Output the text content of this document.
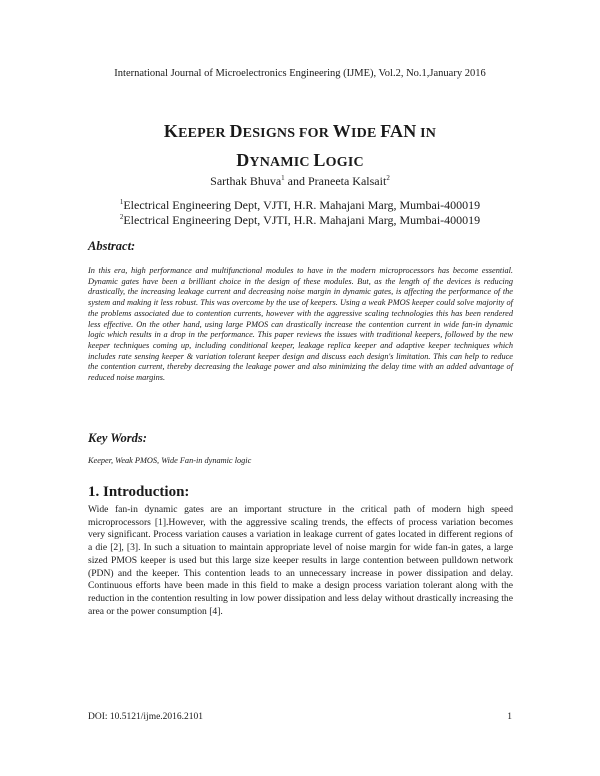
International Journal of Microelectronics Engineering (IJME), Vol.2, No.1,January 2016
KEEPER DESIGNS FOR WIDE FAN IN
DYNAMIC LOGIC
Sarthak Bhuva$^1$ and Praneeta Kalsait$^2$
$^1$Electrical Engineering Dept, VJTI, H.R. Mahajani Marg, Mumbai-400019
$^2$Electrical Engineering Dept, VJTI, H.R. Mahajani Marg, Mumbai-400019
Abstract:

In this era, high performance and multifunctional modules to have in the modern microprocessors has become essential. Dynamic gates have been a brilliant choice in the design of these modules. But, as the length of the devices is reducing drastically, the increasing leakage current and decreasing noise margin in dynamic gates, is affecting the performance of the system and making it less robust. This was overcome by the use of keepers. Using a weak PMOS keeper could solve majority of the problems associated due to contention currents, however with the aggressive scaling technologies this has been rendered less effective. On the other hand, using large PMOS can drastically increase the contention current in wide fan-in dynamic logic which results in a drop in the performance. This paper reviews the issues with traditional keepers, followed by the new keeper techniques coming up, including conditional keeper, leakage replica keeper and adaptive keeper techniques which includes rate sensing keeper & variation tolerant keeper design and discuss each design's limitation. This can help to reduce the contention current, thereby decreasing the leakage power and also minimizing the delay time with an added advantage of reduced noise margins.

Key Words:
Keeper, Weak PMOS, Wide Fan-in dynamic logic
1. Introduction:

Wide fan-in dynamic gates are an important structure in the critical path of modern high speed microprocessors [1].However, with the aggressive scaling trends, the effects of process variation becomes very significant. Process variation causes a variation in leakage current of gates located in different regions of a die [2], [3]. In such a situation to maintain appropriate level of noise margin for wide fan-in gates, a large sized PMOS keeper is used but this large size keeper results in large contention between pulldown network (PDN) and the keeper. This contention leads to an unnecessary increase in power dissipation and delay. Continuous efforts have been made in this field to make a design process variation tolerant along with the reduction in the contention resulting in low power dissipation and less delay without drastically increasing the area or the power consumption [4].

DOI: 10.5121/ijme.2016.2101	1
